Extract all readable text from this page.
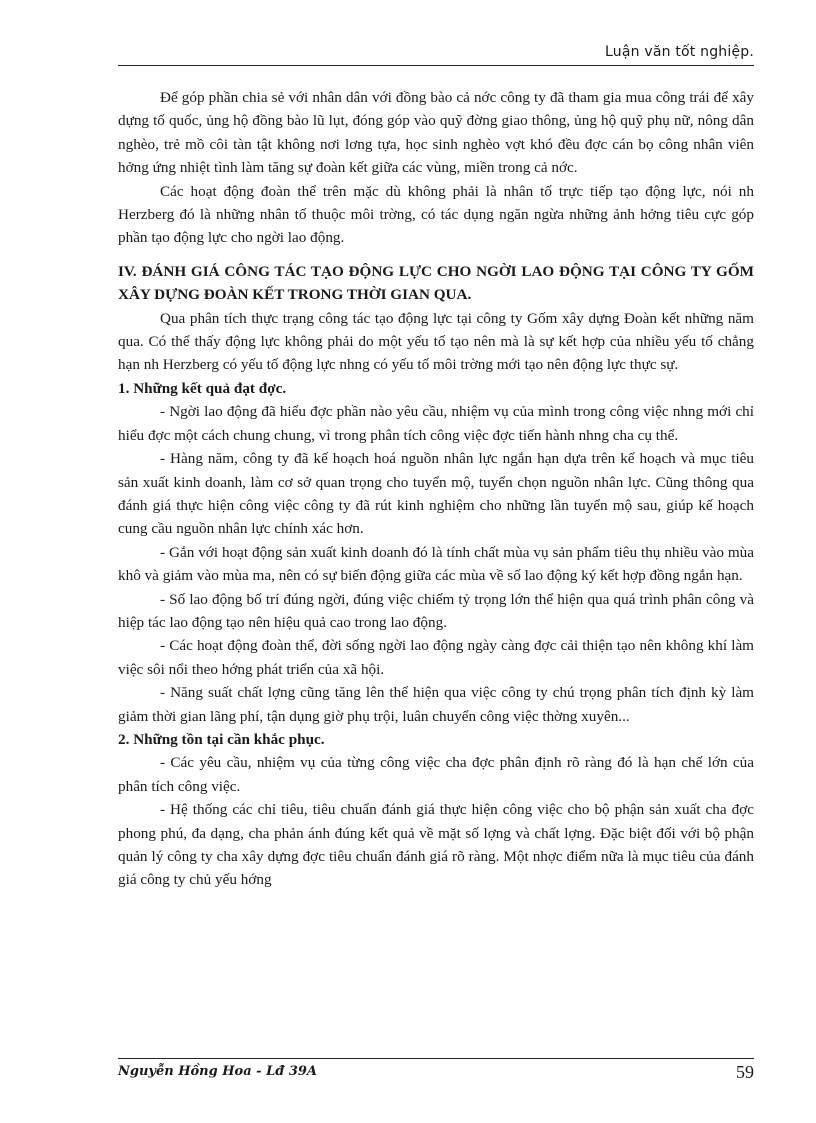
Luận văn tốt nghiệp.

Để góp phần chia sẻ với nhân dân với đồng bào cả nớc công ty đã tham gia mua công trái để xây dựng tổ quốc, ủng hộ đồng bào lũ lụt, đóng góp vào quỹ đờng giao thông, ủng hộ quỹ phụ nữ, nông dân nghèo, trẻ mồ côi tàn tật không nơi lơng tựa, học sinh nghèo vợt khó đều đợc cán bọ công nhân viên hởng ứng nhiệt tình làm tăng sự đoàn kết giữa các vùng, miền trong cả nớc.

Các hoạt động đoàn thể trên mặc dù không phải là nhân tố trực tiếp tạo động lực, nói nh Herzberg đó là những nhân tố thuộc môi trờng, có tác dụng ngăn ngừa những ảnh hởng tiêu cực góp phần tạo động lực cho ngời lao động.

IV. ĐÁNH GIÁ CÔNG TÁC TẠO ĐỘNG LỰC CHO NGỜI LAO ĐỘNG TẠI CÔNG TY GỐM XÂY DỰNG ĐOÀN KẾT TRONG THỜI GIAN QUA.

Qua phân tích thực trạng công tác tạo động lực tại công ty Gốm xây dựng Đoàn kết những năm qua. Có thể thấy động lực không phải do một yếu tố tạo nên mà là sự kết hợp của nhiều yếu tố chẳng hạn nh Herzberg có yếu tố động lực nhng có yếu tố môi trờng mới tạo nên động lực thực sự.

1. Những kết quả đạt đợc.

- Ngời lao động đã hiểu đợc phần nào yêu cầu, nhiệm vụ của mình trong công việc nhng mới chỉ hiểu đợc một cách chung chung, vì trong phân tích công việc đợc tiến hành nhng cha cụ thể.

- Hàng năm, công ty đã kế hoạch hoá nguồn nhân lực ngắn hạn dựa trên kế hoạch và mục tiêu sản xuất kinh doanh, làm cơ sở quan trọng cho tuyển mộ, tuyển chọn nguồn nhân lực. Cũng thông qua đánh giá thực hiện công việc công ty đã rút kinh nghiệm cho những lần tuyển mộ sau, giúp kế hoạch cung cầu nguồn nhân lực chính xác hơn.

- Gắn với hoạt động sản xuất kinh doanh đó là tính chất mùa vụ sản phẩm tiêu thụ nhiều vào mùa khô và giảm vào mùa ma, nên có sự biến động giữa các mùa về số lao động ký kết hợp đồng ngắn hạn.

- Số lao động bố trí đúng ngời, đúng việc chiếm tỷ trọng lớn thể hiện qua quá trình phân công và hiệp tác lao động tạo nên hiệu quả cao trong lao động.

- Các hoạt động đoàn thể, đời sống ngời lao động ngày càng đợc cải thiện tạo nên không khí làm việc sôi nổi theo hớng phát triển của xã hội.

- Năng suất chất lợng cũng tăng lên thể hiện qua việc công ty chú trọng phân tích định kỳ làm giảm thời gian lãng phí, tận dụng giờ phụ trội, luân chuyển công việc thờng xuyên...

2. Những tồn tại cần khắc phục.

- Các yêu cầu, nhiệm vụ của từng công việc cha đợc phân định rõ ràng đó là hạn chế lớn của phân tích công việc.

- Hệ thống các chỉ tiêu, tiêu chuẩn đánh giá thực hiện công việc cho bộ phận sản xuất cha đợc phong phú, đa dạng, cha phản ánh đúng kết quả về mặt số lợng và chất lợng. Đặc biệt đối với bộ phận quản lý công ty cha xây dựng đợc tiêu chuẩn đánh giá rõ ràng. Một nhợc điểm nữa là mục tiêu của đánh giá công ty chủ yếu hớng

Nguyễn Hồng Hoa - Lđ 39A	59
